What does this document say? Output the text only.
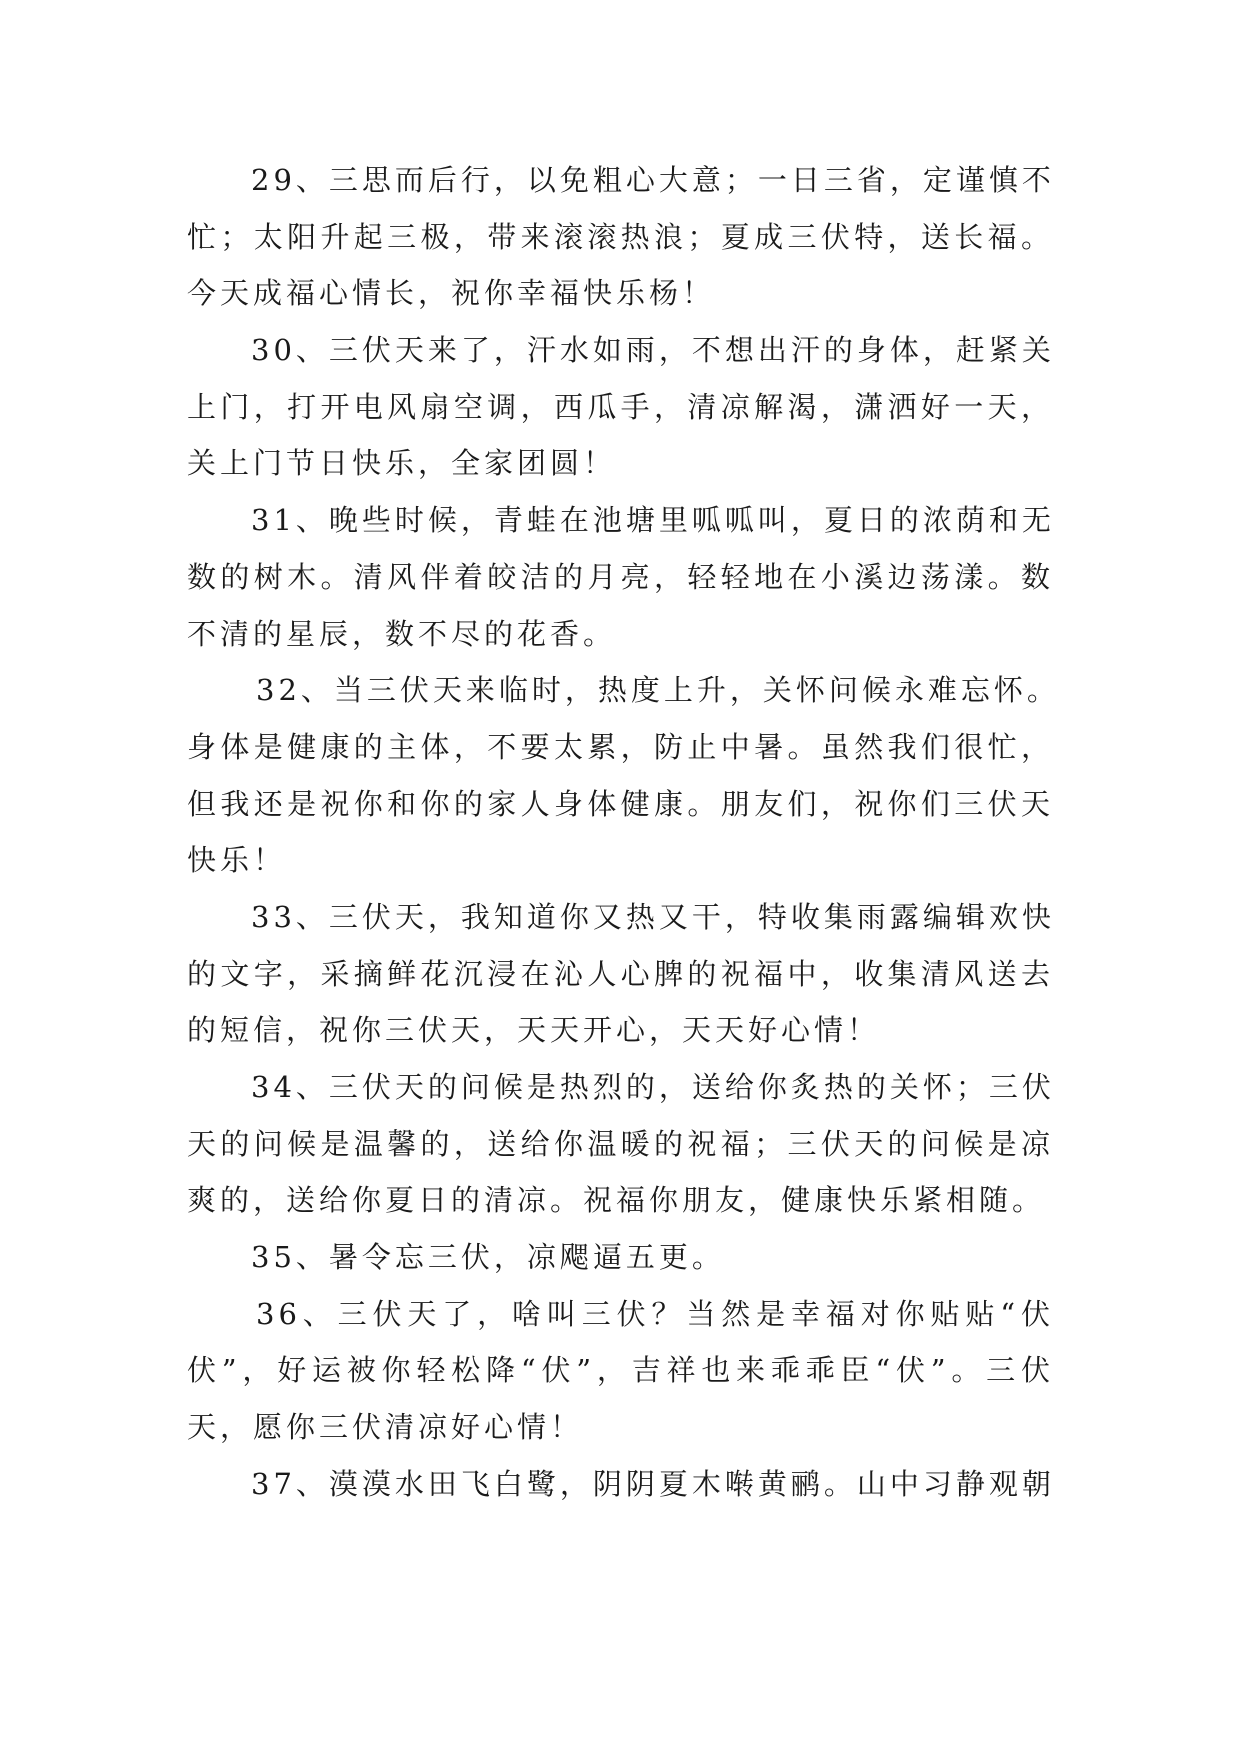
29、三思而后行，以免粗心大意；一日三省，定谨慎不
忙；太阳升起三极，带来滚滚热浪；夏成三伏特，送长福。
今天成福心情长，祝你幸福快乐杨！
30、三伏天来了，汗水如雨，不想出汗的身体，赶紧关
上门，打开电风扇空调，西瓜手，清凉解渴，潇洒好一天，
关上门节日快乐，全家团圆！
31、晚些时候，青蛙在池塘里呱呱叫，夏日的浓荫和无
数的树木。清风伴着皎洁的月亮，轻轻地在小溪边荡漾。数
不清的星辰，数不尽的花香。
32、当三伏天来临时，热度上升，关怀问候永难忘怀。
身体是健康的主体，不要太累，防止中暑。虽然我们很忙，
但我还是祝你和你的家人身体健康。朋友们，祝你们三伏天
快乐！
33、三伏天，我知道你又热又干，特收集雨露编辑欢快
的文字，采摘鲜花沉浸在沁人心脾的祝福中，收集清风送去
的短信，祝你三伏天，天天开心，天天好心情！
34、三伏天的问候是热烈的，送给你炙热的关怀；三伏
天的问候是温馨的，送给你温暖的祝福；三伏天的问候是凉
爽的，送给你夏日的清凉。祝福你朋友，健康快乐紧相随。
35、暑令忘三伏，凉飔逼五更。
36、三伏天了，啥叫三伏？当然是幸福对你贴贴“伏
伏”，好运被你轻松降“伏”，吉祥也来乖乖臣“伏”。三伏
天，愿你三伏清凉好心情！
37、漠漠水田飞白鹭，阴阴夏木啭黄鹂。山中习静观朝
